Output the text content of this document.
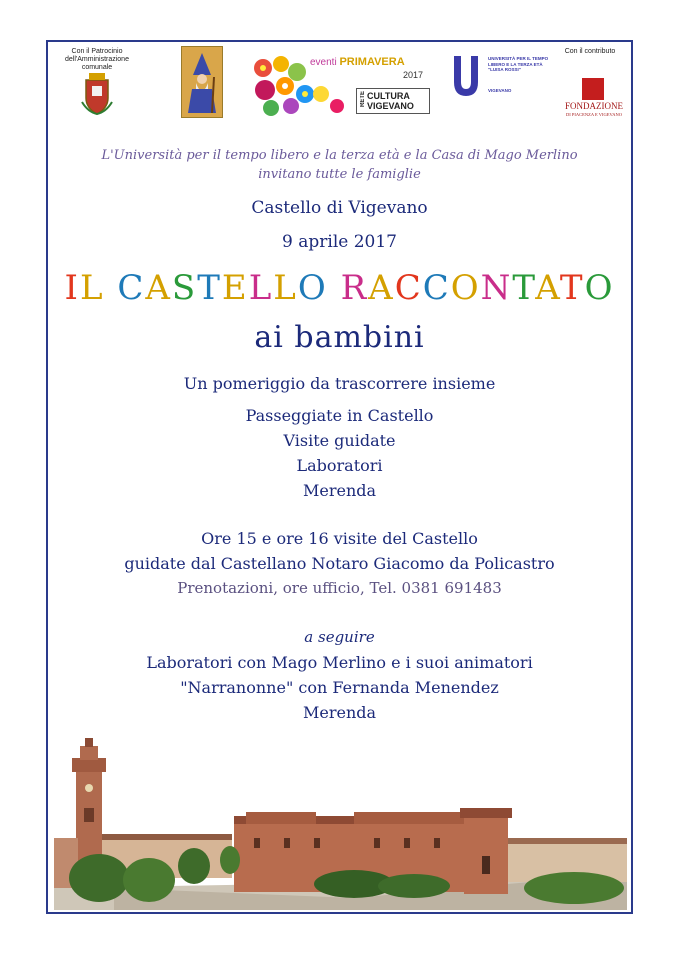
Con il Patrocinio dell'Amministrazione comunale	eventi PRIMAVERA
2017
RETE CULTURA
VIGEVANO
UNIVERSITÀ PER IL TEMPO LIBERO E LA TERZA ETÀ "LUISA ROSSI"
VIGEVANO
Con il contributo
FONDAZIONE
DI PIACENZA E VIGEVANO
L'Università per il tempo libero e la terza età e la Casa di Mago Merlino
invitano tutte le famiglie
Castello di Vigevano
9 aprile 2017
IL CASTELLO RACCONTATO
ai bambini
Un pomeriggio da trascorrere insieme
Passeggiate in Castello
Visite guidate
Laboratori
Merenda
Ore 15 e ore 16 visite del Castello
guidate dal Castellano Notaro Giacomo da Policastro
Prenotazioni, ore ufficio, Tel. 0381 691483
a seguire
Laboratori con Mago Merlino e i suoi animatori
"Narranonne" con Fernanda Menendez
Merenda
